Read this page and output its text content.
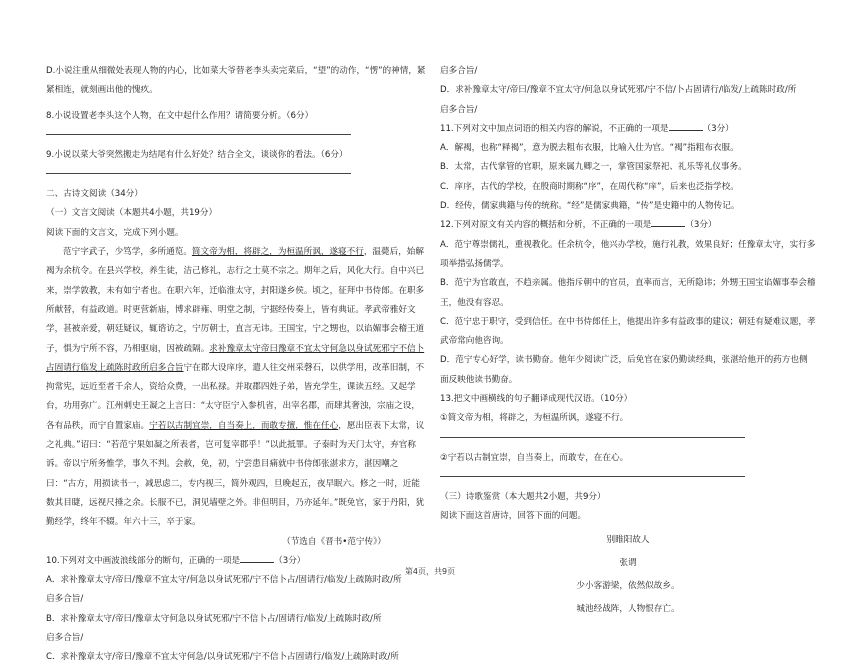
D.小说注重从细微处表现人物的内心，比如菜大爷替老李头卖完菜后，“望”的动作，“愣”的神情，紧紧相连，就刻画出他的愧疚。

8.小说设置老李头这个人物，在文中起什么作用？请简要分析。（6分）

9.小说以菜大爷突然搬走为结尾有什么好处？结合全文，谈谈你的看法。（6分）

二、古诗文阅读（34分）

（一）文言文阅读（本题共4小题，共19分）

阅读下面的文言文，完成下列小题。

范宁字武子，少笃学，多所通览。简文帝为相，将辟之，为桓温所讽，遂寝不行，温薨后，始解褐为余杭令。在县兴学校，养生徒，洁己修礼，志行之士莫不宗之。期年之后，风化大行。自中兴已来，崇学敦教，未有如宁者也。在职六年，迁临淮太守，封阳遂乡侯。顷之，征拜中书侍郎。在职多所献替，有益政道。时更营新庙，博求辟雍、明堂之制，宁据经传奏上，皆有典证。孝武帝雅好文学，甚被亲爱，朝廷疑议，辄谘访之，宁厉朝士，直言无讳。王国宝，宁之甥也，以谄媚事会稽王道子，惧为宁所不容，乃相驱扇，因被疏隔。求补豫章太守帝曰豫章不宜太守何急以身试死邪宁不信卜占固请行临发上疏陈时政所启多合旨宁在郡大设庠序，遣人往交州采磬石，以供学用，改革旧制，不拘常宪，远近至者千余人，资给众费，一出私禄。并取郡四姓子弟，皆充学生，课读五经。又起学台，功用弥广。江州刺史王凝之上言曰：“太守臣宁入参机省，出宰名郡，而肆其奢浊，宗庙之设，各有品秩，而宁自置家庙。宁若以古制宜崇，自当奏上，而敢专擅，惟在任心，愿出臣表下太常，议之礼典。”诏曰：“若范宁果如凝之所表者，岂可复宰郡乎！”以此抵罪。子泰时为天门太守，弃官称诉。帝以宁所务惟学，事久不判。会赦，免，初，宁尝患目痛就中书侍郎张湛求方，湛因嘲之曰：“古方，用损读书一，减思虑二，专内视三，简外观四，旦晚起五，夜早眠六。修之一时，近能数其目睫，远视尺捶之余。长服不已，洞见墙壁之外。非但明目，乃亦延年。”既免官，家于丹阳，犹勤经学，终年不辍。年六十三，卒于家。

（节选自《晋书•范宁传》）

10.下列对文中画波浪线部分的断句，正确的一项是	（3分）

A．求补豫章太守/帝曰/豫章不宜太守/何急以身试死邪/宁不信卜占/固请行/临发/上疏陈时政/所

启多合旨/

B．求补豫章太守/帝曰/豫章太守何急以身试死邪/宁不信卜占/固请行/临发/上疏陈时政/所

启多合旨/

C．求补豫章太守/帝曰/豫章不宜太守何急/以身试死邪/宁不信卜占固请行/临发/上疏陈时政/所

启多合旨/

D．求补豫章太守/帝曰/豫章不宜太守/何急以身试死邪/宁不信/卜占固请行/临发/上疏陈时政/所

启多合旨/

11.下列对文中加点词语的相关内容的解说，不正确的一项是	（3分）

A．解褐，也称“释褐”，意为脱去粗布衣服，比喻入仕为官。“褐”指粗布衣服。

B．太常，古代掌管的官职，原来属九卿之一，掌管国家祭祀、礼乐等礼仪事务。

C．庠序，古代的学校，在殷商时期称“序”，在周代称“庠”，后来也泛指学校。

D．经传，儒家典籍与传的统称。“经”是儒家典籍，“传”是史籍中的人物传记。

12.下列对原文有关内容的概括和分析，不正确的一项是	（3分）

A．范宁尊崇儒礼，重视教化。任余杭令，他兴办学校，施行礼教，效果良好；任豫章太守，实行多项举措弘扬儒学。

B．范宁为官敢直，不趋亲属。他指斥朝中的官员，直率而言，无所隐讳；外甥王国宝谄媚事奉会稽王，他没有容忍。

C．范宁忠于职守，受到信任。在中书侍郎任上，他提出许多有益政事的建议；朝廷有疑难议题，孝武帝常向他咨询。

D．范宁专心好学，读书勤奋。他年少阅读广泛，后免官在家仍勤读经典，张湛给他开的药方也侧面反映他读书勤奋。

13.把文中画横线的句子翻译成现代汉语。（10分）

①简文帝为相，将辟之，为桓温所讽，遂寝不行。

②宁若以古制宜崇，自当奏上，而敢专，在在心。

（三）诗歌鉴赏（本大题共2小题，共9分）

阅读下面这首唐诗，回答下面的问题。

别睢阳故人

张谓

少小客游梁，依然似故乡。

城池经战阵，人物恨存亡。

第4页，共9页
